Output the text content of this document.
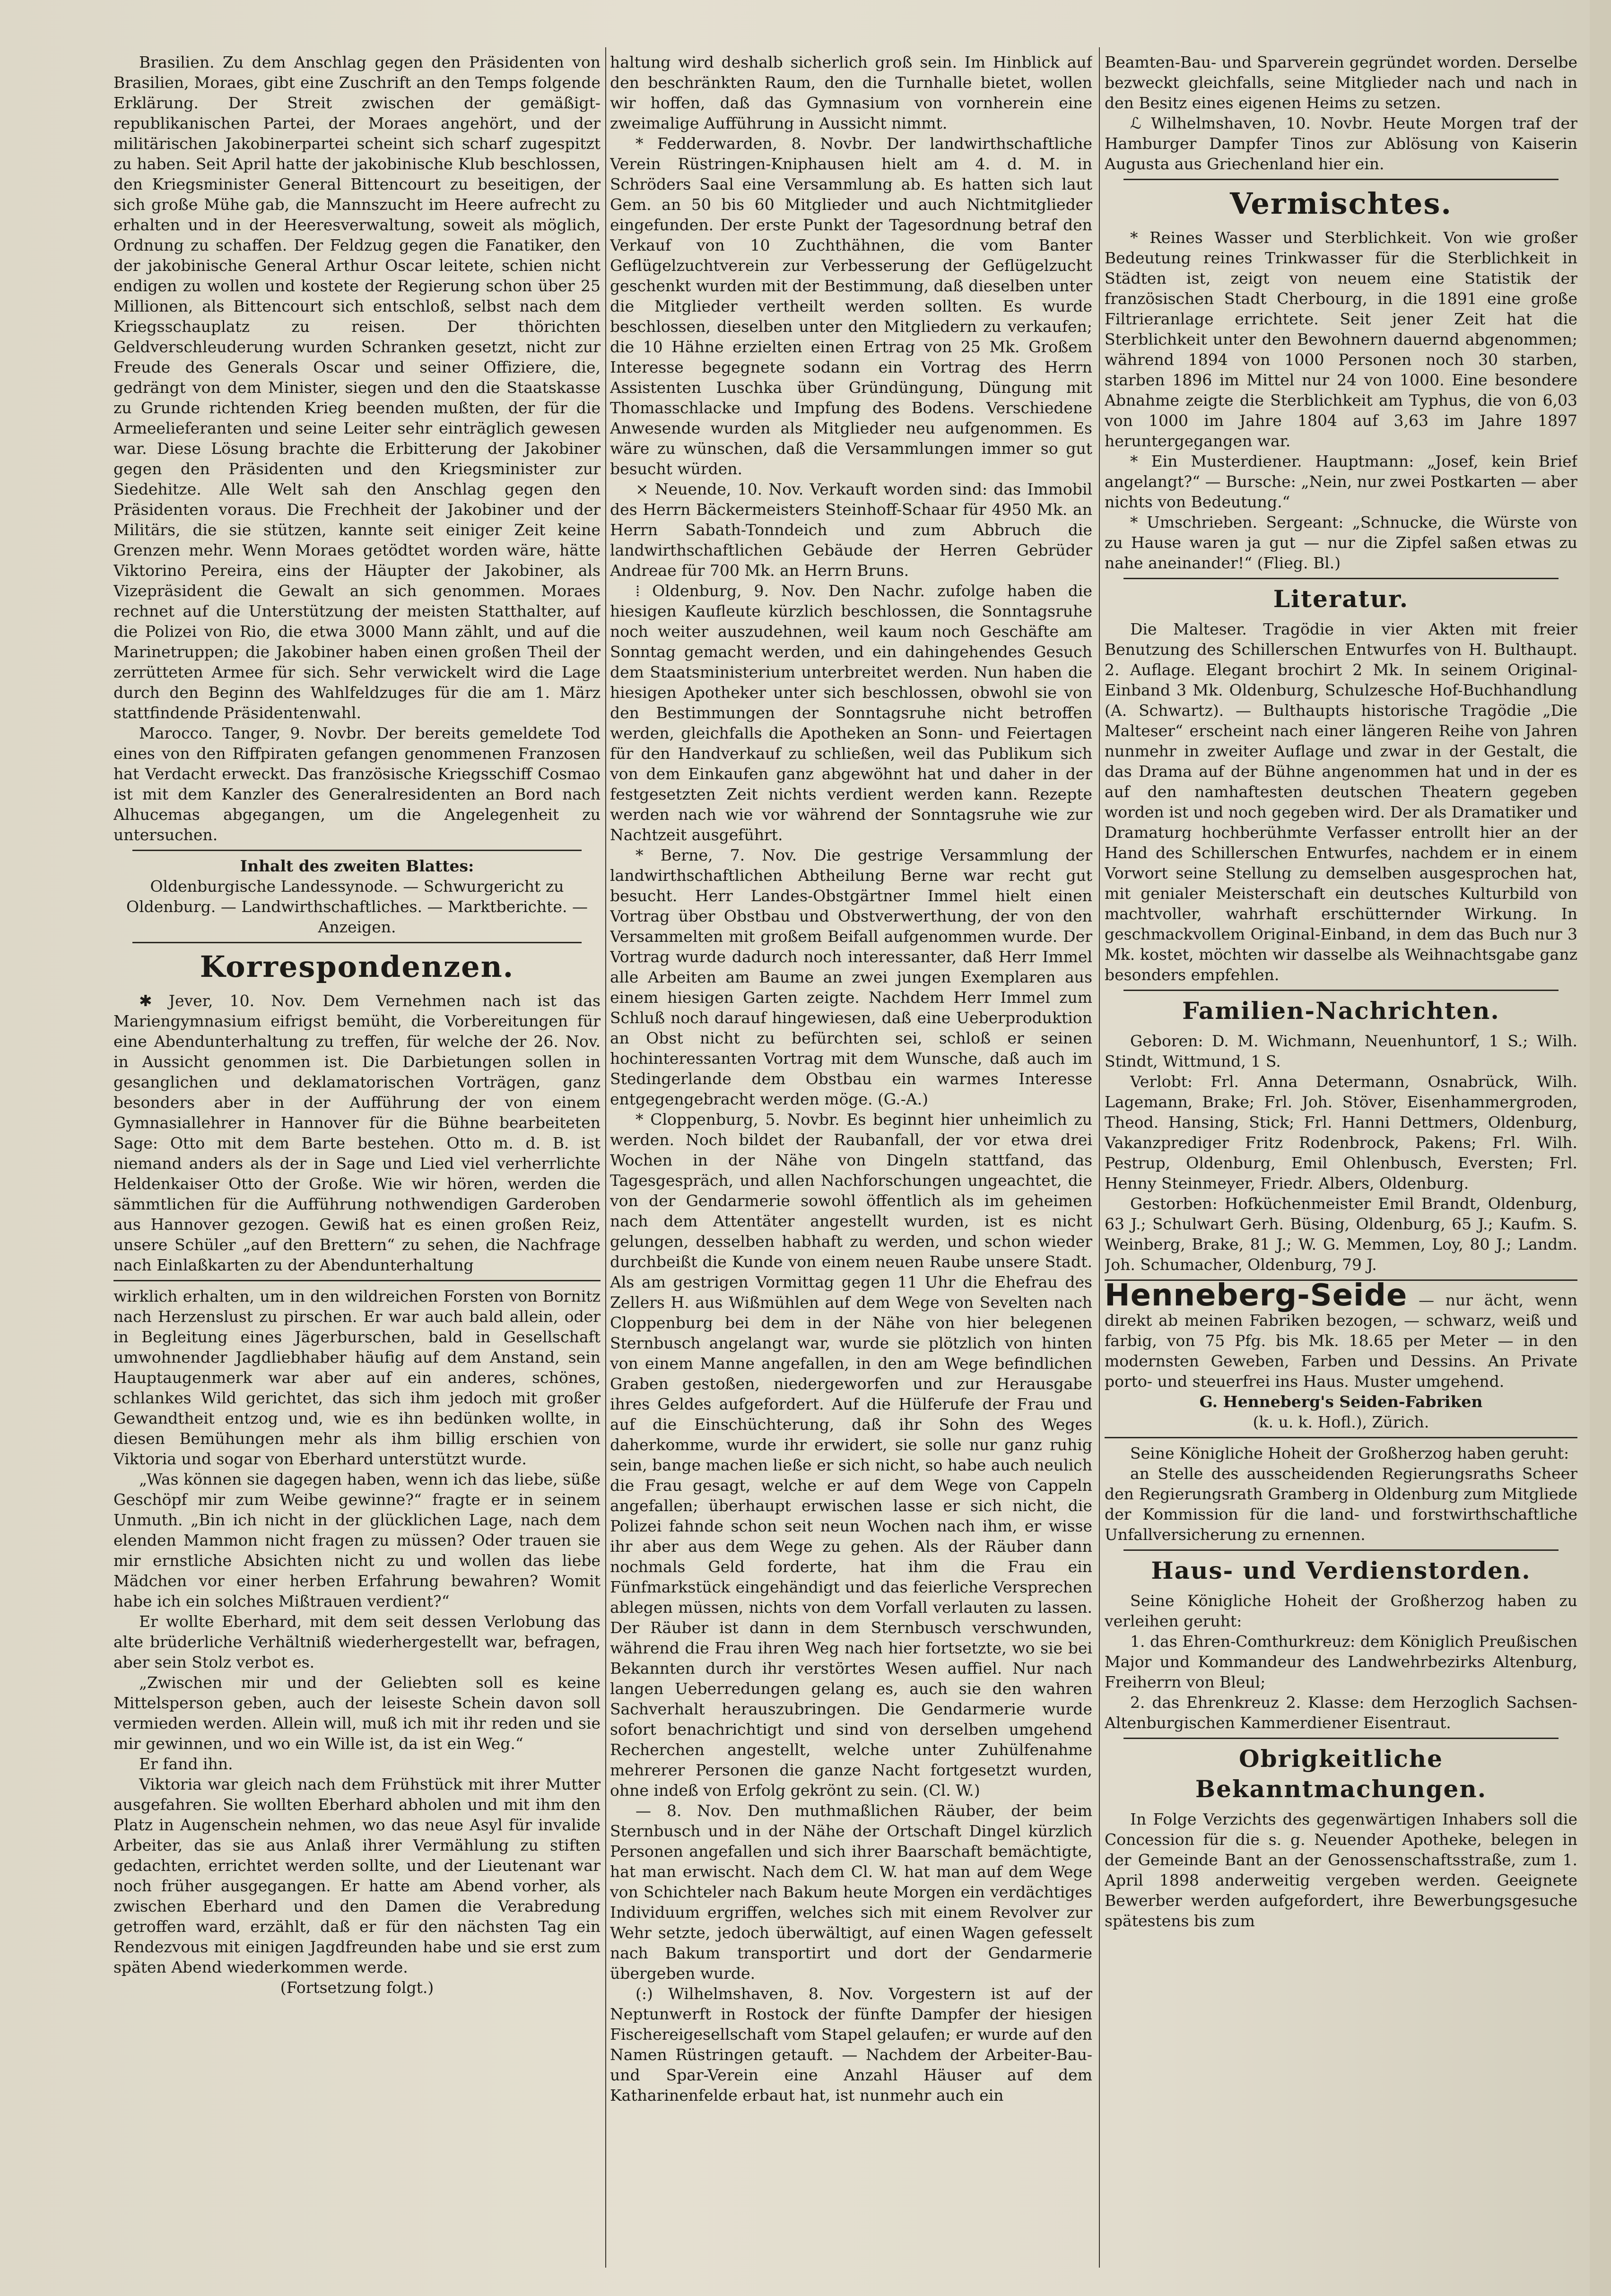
Brasilien. Zu dem Anschlag gegen den Präsidenten von Brasilien, Moraes, gibt eine Zuschrift an den Temps folgende Erklärung. Der Streit zwischen der gemäßigt-republikanischen Partei, der Moraes angehört, und der militärischen Jakobinerpartei scheint sich scharf zugespitzt zu haben. Seit April hatte der jakobinische Klub beschlossen, den Kriegsminister General Bittencourt zu beseitigen, der sich große Mühe gab, die Mannszucht im Heere aufrecht zu erhalten und in der Heeresverwaltung, soweit als möglich, Ordnung zu schaffen. Der Feldzug gegen die Fanatiker, den der jakobinische General Arthur Oscar leitete, schien nicht endigen zu wollen und kostete der Regierung schon über 25 Millionen, als Bittencourt sich entschloß, selbst nach dem Kriegsschauplatz zu reisen. Der thörichten Geldverschleuderung wurden Schranken gesetzt, nicht zur Freude des Generals Oscar und seiner Offiziere, die, gedrängt von dem Minister, siegen und den die Staatskasse zu Grunde richtenden Krieg beenden mußten, der für die Armeelieferanten und seine Leiter sehr einträglich gewesen war. Diese Lösung brachte die Erbitterung der Jakobiner gegen den Präsidenten und den Kriegsminister zur Siedehitze. Alle Welt sah den Anschlag gegen den Präsidenten voraus. Die Frechheit der Jakobiner und der Militärs, die sie stützen, kannte seit einiger Zeit keine Grenzen mehr. Wenn Moraes getödtet worden wäre, hätte Viktorino Pereira, eins der Häupter der Jakobiner, als Vizepräsident die Gewalt an sich genommen. Moraes rechnet auf die Unterstützung der meisten Statthalter, auf die Polizei von Rio, die etwa 3000 Mann zählt, und auf die Marinetruppen; die Jakobiner haben einen großen Theil der zerrütteten Armee für sich. Sehr verwickelt wird die Lage durch den Beginn des Wahlfeldzuges für die am 1. März stattfindende Präsidentenwahl.

Marocco. Tanger, 9. Novbr. Der bereits gemeldete Tod eines von den Riffpiraten gefangen genommenen Franzosen hat Verdacht erweckt. Das französische Kriegsschiff Cosmao ist mit dem Kanzler des Generalresidenten an Bord nach Alhucemas abgegangen, um die Angelegenheit zu untersuchen.

Inhalt des zweiten Blattes:

Oldenburgische Landessynode. — Schwurgericht zu Oldenburg. — Landwirthschaftliches. — Marktberichte. — Anzeigen.

Korrespondenzen.

✱ Jever, 10. Nov. Dem Vernehmen nach ist das Mariengymnasium eifrigst bemüht, die Vorbereitungen für eine Abendunterhaltung zu treffen, für welche der 26. Nov. in Aussicht genommen ist. Die Darbietungen sollen in gesanglichen und deklamatorischen Vorträgen, ganz besonders aber in der Aufführung der von einem Gymnasiallehrer in Hannover für die Bühne bearbeiteten Sage: Otto mit dem Barte bestehen. Otto m. d. B. ist niemand anders als der in Sage und Lied viel verherrlichte Heldenkaiser Otto der Große. Wie wir hören, werden die sämmtlichen für die Aufführung nothwendigen Garderoben aus Hannover gezogen. Gewiß hat es einen großen Reiz, unsere Schüler „auf den Brettern“ zu sehen, die Nachfrage nach Einlaßkarten zu der Abendunterhaltung

wirklich erhalten, um in den wildreichen Forsten von Bornitz nach Herzenslust zu pirschen. Er war auch bald allein, oder in Begleitung eines Jägerburschen, bald in Gesellschaft umwohnender Jagdliebhaber häufig auf dem Anstand, sein Hauptaugenmerk war aber auf ein anderes, schönes, schlankes Wild gerichtet, das sich ihm jedoch mit großer Gewandtheit entzog und, wie es ihn bedünken wollte, in diesen Bemühungen mehr als ihm billig erschien von Viktoria und sogar von Eberhard unterstützt wurde.

„Was können sie dagegen haben, wenn ich das liebe, süße Geschöpf mir zum Weibe gewinne?“ fragte er in seinem Unmuth. „Bin ich nicht in der glücklichen Lage, nach dem elenden Mammon nicht fragen zu müssen? Oder trauen sie mir ernstliche Absichten nicht zu und wollen das liebe Mädchen vor einer herben Erfahrung bewahren? Womit habe ich ein solches Mißtrauen verdient?“

Er wollte Eberhard, mit dem seit dessen Verlobung das alte brüderliche Verhältniß wiederhergestellt war, befragen, aber sein Stolz verbot es.

„Zwischen mir und der Geliebten soll es keine Mittelsperson geben, auch der leiseste Schein davon soll vermieden werden. Allein will, muß ich mit ihr reden und sie mir gewinnen, und wo ein Wille ist, da ist ein Weg.“

Er fand ihn.

Viktoria war gleich nach dem Frühstück mit ihrer Mutter ausgefahren. Sie wollten Eberhard abholen und mit ihm den Platz in Augenschein nehmen, wo das neue Asyl für invalide Arbeiter, das sie aus Anlaß ihrer Vermählung zu stiften gedachten, errichtet werden sollte, und der Lieutenant war noch früher ausgegangen. Er hatte am Abend vorher, als zwischen Eberhard und den Damen die Verabredung getroffen ward, erzählt, daß er für den nächsten Tag ein Rendezvous mit einigen Jagdfreunden habe und sie erst zum späten Abend wiederkommen werde.

(Fortsetzung folgt.)

haltung wird deshalb sicherlich groß sein. Im Hinblick auf den beschränkten Raum, den die Turnhalle bietet, wollen wir hoffen, daß das Gymnasium von vornherein eine zweimalige Aufführung in Aussicht nimmt.

* Fedderwarden, 8. Novbr. Der landwirthschaftliche Verein Rüstringen-Kniphausen hielt am 4. d. M. in Schröders Saal eine Versammlung ab. Es hatten sich laut Gem. an 50 bis 60 Mitglieder und auch Nichtmitglieder eingefunden. Der erste Punkt der Tagesordnung betraf den Verkauf von 10 Zuchthähnen, die vom Banter Geflügelzuchtverein zur Verbesserung der Geflügelzucht geschenkt wurden mit der Bestimmung, daß dieselben unter die Mitglieder vertheilt werden sollten. Es wurde beschlossen, dieselben unter den Mitgliedern zu verkaufen; die 10 Hähne erzielten einen Ertrag von 25 Mk. Großem Interesse begegnete sodann ein Vortrag des Herrn Assistenten Luschka über Gründüngung, Düngung mit Thomasschlacke und Impfung des Bodens. Verschiedene Anwesende wurden als Mitglieder neu aufgenommen. Es wäre zu wünschen, daß die Versammlungen immer so gut besucht würden.

⨯ Neuende, 10. Nov. Verkauft worden sind: das Immobil des Herrn Bäckermeisters Steinhoff-Schaar für 4950 Mk. an Herrn Sabath-Tonndeich und zum Abbruch die landwirthschaftlichen Gebäude der Herren Gebrüder Andreae für 700 Mk. an Herrn Bruns.

⁞ Oldenburg, 9. Nov. Den Nachr. zufolge haben die hiesigen Kaufleute kürzlich beschlossen, die Sonntagsruhe noch weiter auszudehnen, weil kaum noch Geschäfte am Sonntag gemacht werden, und ein dahingehendes Gesuch dem Staatsministerium unterbreitet werden. Nun haben die hiesigen Apotheker unter sich beschlossen, obwohl sie von den Bestimmungen der Sonntagsruhe nicht betroffen werden, gleichfalls die Apotheken an Sonn- und Feiertagen für den Handverkauf zu schließen, weil das Publikum sich von dem Einkaufen ganz abgewöhnt hat und daher in der festgesetzten Zeit nichts verdient werden kann. Rezepte werden nach wie vor während der Sonntagsruhe wie zur Nachtzeit ausgeführt.

* Berne, 7. Nov. Die gestrige Versammlung der landwirthschaftlichen Abtheilung Berne war recht gut besucht. Herr Landes-Obstgärtner Immel hielt einen Vortrag über Obstbau und Obstverwerthung, der von den Versammelten mit großem Beifall aufgenommen wurde. Der Vortrag wurde dadurch noch interessanter, daß Herr Immel alle Arbeiten am Baume an zwei jungen Exemplaren aus einem hiesigen Garten zeigte. Nachdem Herr Immel zum Schluß noch darauf hingewiesen, daß eine Ueberproduktion an Obst nicht zu befürchten sei, schloß er seinen hochinteressanten Vortrag mit dem Wunsche, daß auch im Stedingerlande dem Obstbau ein warmes Interesse entgegengebracht werden möge. (G.-A.)

* Cloppenburg, 5. Novbr. Es beginnt hier unheimlich zu werden. Noch bildet der Raubanfall, der vor etwa drei Wochen in der Nähe von Dingeln stattfand, das Tagesgespräch, und allen Nachforschungen ungeachtet, die von der Gendarmerie sowohl öffentlich als im geheimen nach dem Attentäter angestellt wurden, ist es nicht gelungen, desselben habhaft zu werden, und schon wieder durchbeißt die Kunde von einem neuen Raube unsere Stadt. Als am gestrigen Vormittag gegen 11 Uhr die Ehefrau des Zellers H. aus Wißmühlen auf dem Wege von Sevelten nach Cloppenburg bei dem in der Nähe von hier belegenen Sternbusch angelangt war, wurde sie plötzlich von hinten von einem Manne angefallen, in den am Wege befindlichen Graben gestoßen, niedergeworfen und zur Herausgabe ihres Geldes aufgefordert. Auf die Hülferufe der Frau und auf die Einschüchterung, daß ihr Sohn des Weges daherkomme, wurde ihr erwidert, sie solle nur ganz ruhig sein, bange machen ließe er sich nicht, so habe auch neulich die Frau gesagt, welche er auf dem Wege von Cappeln angefallen; überhaupt erwischen lasse er sich nicht, die Polizei fahnde schon seit neun Wochen nach ihm, er wisse ihr aber aus dem Wege zu gehen. Als der Räuber dann nochmals Geld forderte, hat ihm die Frau ein Fünfmarkstück eingehändigt und das feierliche Versprechen ablegen müssen, nichts von dem Vorfall verlauten zu lassen. Der Räuber ist dann in dem Sternbusch verschwunden, während die Frau ihren Weg nach hier fortsetzte, wo sie bei Bekannten durch ihr verstörtes Wesen auffiel. Nur nach langen Ueberredungen gelang es, auch sie den wahren Sachverhalt herauszubringen. Die Gendarmerie wurde sofort benachrichtigt und sind von derselben umgehend Recherchen angestellt, welche unter Zuhülfenahme mehrerer Personen die ganze Nacht fortgesetzt wurden, ohne indeß von Erfolg gekrönt zu sein. (Cl. W.)

— 8. Nov. Den muthmaßlichen Räuber, der beim Sternbusch und in der Nähe der Ortschaft Dingel kürzlich Personen angefallen und sich ihrer Baarschaft bemächtigte, hat man erwischt. Nach dem Cl. W. hat man auf dem Wege von Schichteler nach Bakum heute Morgen ein verdächtiges Individuum ergriffen, welches sich mit einem Revolver zur Wehr setzte, jedoch überwältigt, auf einen Wagen gefesselt nach Bakum transportirt und dort der Gendarmerie übergeben wurde.

(:) Wilhelmshaven, 8. Nov. Vorgestern ist auf der Neptunwerft in Rostock der fünfte Dampfer der hiesigen Fischereigesellschaft vom Stapel gelaufen; er wurde auf den Namen Rüstringen getauft. — Nachdem der Arbeiter-Bau- und Spar-Verein eine Anzahl Häuser auf dem Katharinenfelde erbaut hat, ist nunmehr auch ein

Beamten-Bau- und Sparverein gegründet worden. Derselbe bezweckt gleichfalls, seine Mitglieder nach und nach in den Besitz eines eigenen Heims zu setzen.

ℒ Wilhelmshaven, 10. Novbr. Heute Morgen traf der Hamburger Dampfer Tinos zur Ablösung von Kaiserin Augusta aus Griechenland hier ein.

Vermischtes.

* Reines Wasser und Sterblichkeit. Von wie großer Bedeutung reines Trinkwasser für die Sterblichkeit in Städten ist, zeigt von neuem eine Statistik der französischen Stadt Cherbourg, in die 1891 eine große Filtrieranlage errichtete. Seit jener Zeit hat die Sterblichkeit unter den Bewohnern dauernd abgenommen; während 1894 von 1000 Personen noch 30 starben, starben 1896 im Mittel nur 24 von 1000. Eine besondere Abnahme zeigte die Sterblichkeit am Typhus, die von 6,03 von 1000 im Jahre 1804 auf 3,63 im Jahre 1897 heruntergegangen war.

* Ein Musterdiener. Hauptmann: „Josef, kein Brief angelangt?“ — Bursche: „Nein, nur zwei Postkarten — aber nichts von Bedeutung.“

* Umschrieben. Sergeant: „Schnucke, die Würste von zu Hause waren ja gut — nur die Zipfel saßen etwas zu nahe aneinander!“ (Flieg. Bl.)

Literatur.

Die Malteser. Tragödie in vier Akten mit freier Benutzung des Schillerschen Entwurfes von H. Bulthaupt. 2. Auflage. Elegant brochirt 2 Mk. In seinem Original-Einband 3 Mk. Oldenburg, Schulzesche Hof-Buchhandlung (A. Schwartz). — Bulthaupts historische Tragödie „Die Malteser“ erscheint nach einer längeren Reihe von Jahren nunmehr in zweiter Auflage und zwar in der Gestalt, die das Drama auf der Bühne angenommen hat und in der es auf den namhaftesten deutschen Theatern gegeben worden ist und noch gegeben wird. Der als Dramatiker und Dramaturg hochberühmte Verfasser entrollt hier an der Hand des Schillerschen Entwurfes, nachdem er in einem Vorwort seine Stellung zu demselben ausgesprochen hat, mit genialer Meisterschaft ein deutsches Kulturbild von machtvoller, wahrhaft erschütternder Wirkung. In geschmackvollem Original-Einband, in dem das Buch nur 3 Mk. kostet, möchten wir dasselbe als Weihnachtsgabe ganz besonders empfehlen.

Familien-Nachrichten.

Geboren: D. M. Wichmann, Neuenhuntorf, 1 S.; Wilh. Stindt, Wittmund, 1 S.

Verlobt: Frl. Anna Determann, Osnabrück, Wilh. Lagemann, Brake; Frl. Joh. Stöver, Eisenhammergroden, Theod. Hansing, Stick; Frl. Hanni Dettmers, Oldenburg, Vakanzprediger Fritz Rodenbrock, Pakens; Frl. Wilh. Pestrup, Oldenburg, Emil Ohlenbusch, Eversten; Frl. Henny Steinmeyer, Friedr. Albers, Oldenburg.

Gestorben: Hofküchenmeister Emil Brandt, Oldenburg, 63 J.; Schulwart Gerh. Büsing, Oldenburg, 65 J.; Kaufm. S. Weinberg, Brake, 81 J.; W. G. Memmen, Loy, 80 J.; Landm. Joh. Schumacher, Oldenburg, 79 J.

Henneberg-Seide — nur ächt, wenn direkt ab meinen Fabriken bezogen, — schwarz, weiß und farbig, von 75 Pfg. bis Mk. 18.65 per Meter — in den modernsten Geweben, Farben und Dessins. An Private porto- und steuerfrei ins Haus. Muster umgehend.

G. Henneberg's Seiden-Fabriken

(k. u. k. Hofl.), Zürich.

Seine Königliche Hoheit der Großherzog haben geruht:

an Stelle des ausscheidenden Regierungsraths Scheer den Regierungsrath Gramberg in Oldenburg zum Mitgliede der Kommission für die land- und forstwirthschaftliche Unfallversicherung zu ernennen.

Haus- und Verdienstorden.

Seine Königliche Hoheit der Großherzog haben zu verleihen geruht:

1. das Ehren-Comthurkreuz: dem Königlich Preußischen Major und Kommandeur des Landwehrbezirks Altenburg, Freiherrn von Bleul;

2. das Ehrenkreuz 2. Klasse: dem Herzoglich Sachsen-Altenburgischen Kammerdiener Eisentraut.

Obrigkeitliche Bekanntmachungen.

In Folge Verzichts des gegenwärtigen Inhabers soll die Concession für die s. g. Neuender Apotheke, belegen in der Gemeinde Bant an der Genossenschaftsstraße, zum 1. April 1898 anderweitig vergeben werden. Geeignete Bewerber werden aufgefordert, ihre Bewerbungsgesuche spätestens bis zum
